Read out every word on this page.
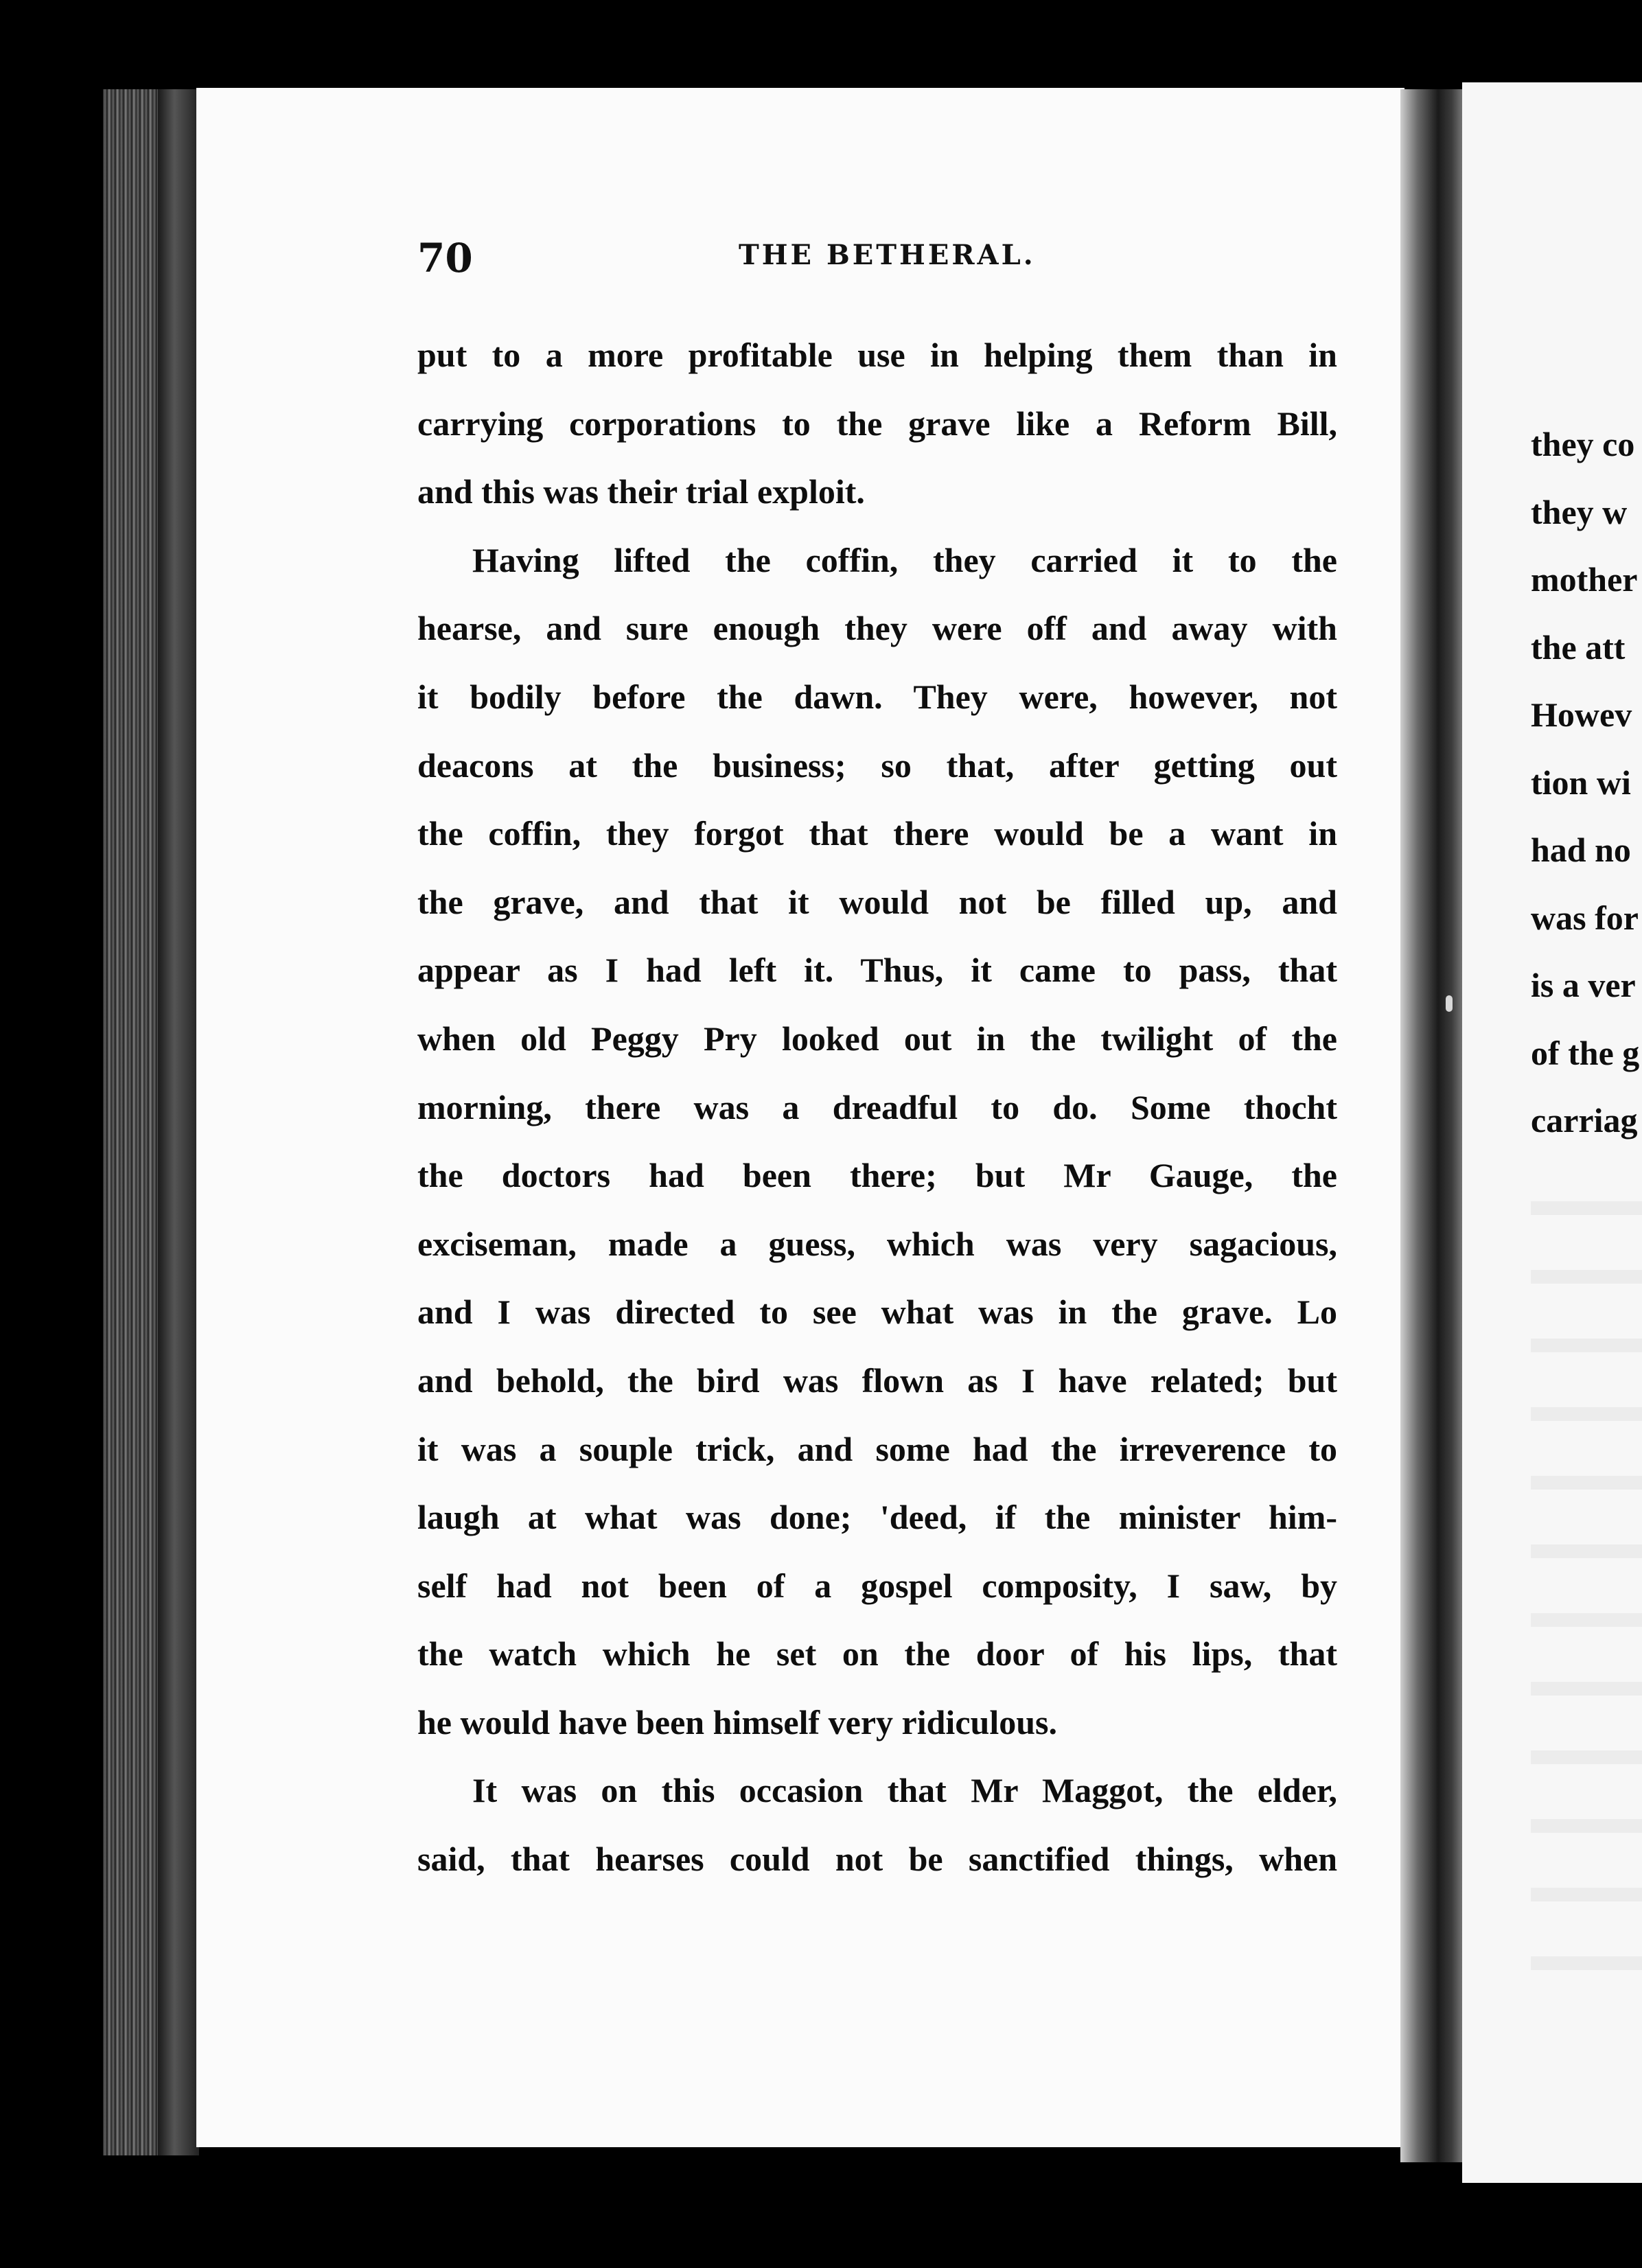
70	THE BETHERAL.
put to a more profitable use in helping them than in
carrying corporations to the grave like a Reform Bill,
and this was their trial exploit.
Having lifted the coffin, they carried it to the
hearse, and sure enough they were off and away with
it bodily before the dawn. They were, however, not
deacons at the business; so that, after getting out
the coffin, they forgot that there would be a want in
the grave, and that it would not be filled up, and
appear as I had left it. Thus, it came to pass, that
when old Peggy Pry looked out in the twilight of the
morning, there was a dreadful to do. Some thocht
the doctors had been there; but Mr Gauge, the
exciseman, made a guess, which was very sagacious,
and I was directed to see what was in the grave. Lo
and behold, the bird was flown as I have related; but
it was a souple trick, and some had the irreverence to
laugh at what was done; 'deed, if the minister him-
self had not been of a gospel composity, I saw, by
the watch which he set on the door of his lips, that
he would have been himself very ridiculous.
It was on this occasion that Mr Maggot, the elder,
said, that hearses could not be sanctified things, when
they co
they w
mother
the att
Howev
tion wi
had no
was for
is a ver
of the g
carriag
